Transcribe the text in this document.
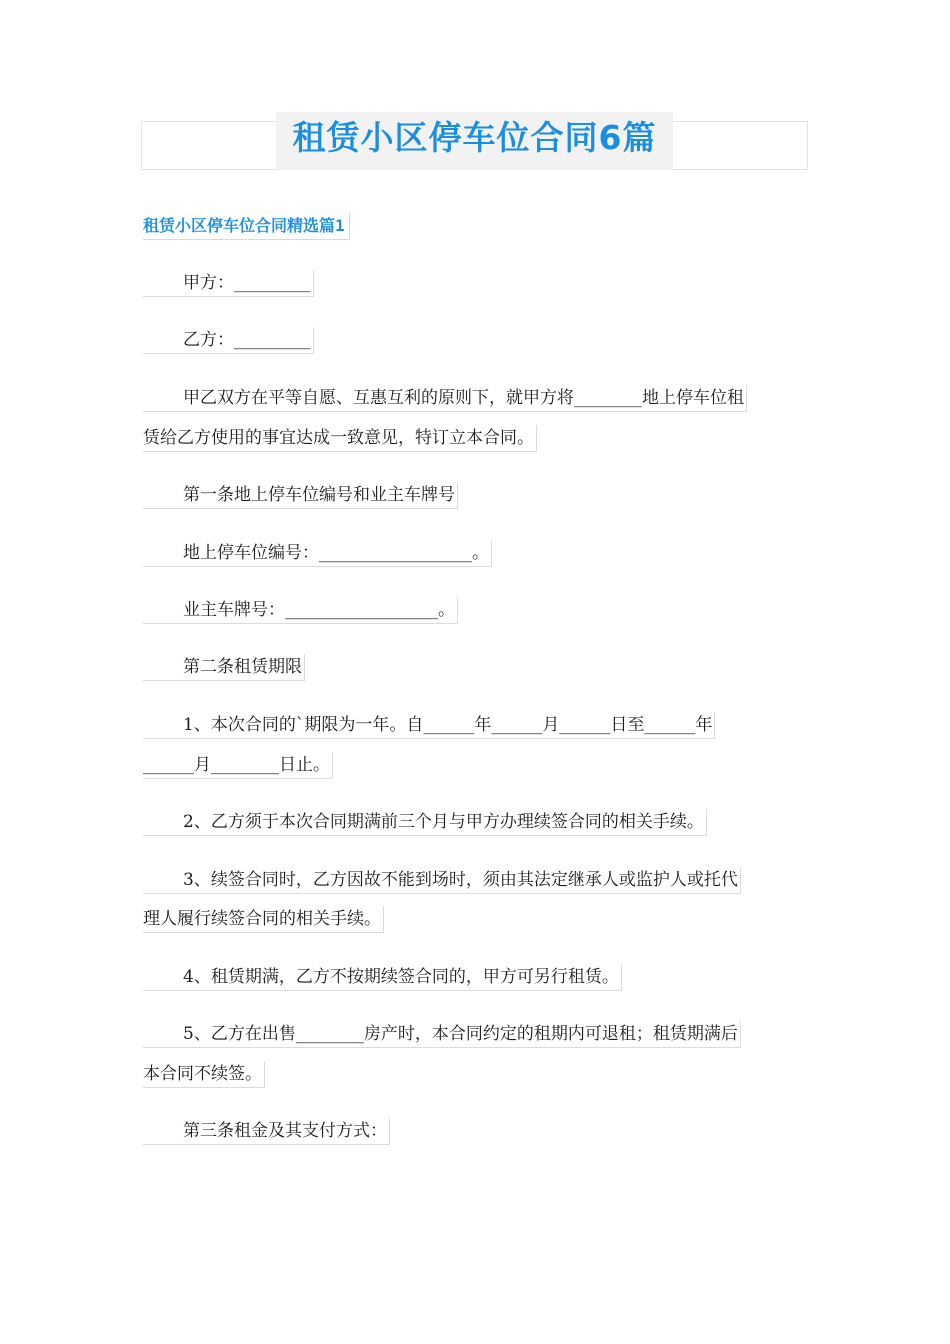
租赁小区停车位合同6篇
租赁小区停车位合同精选篇1
甲方：_________
乙方：_________
甲乙双方在平等自愿、互惠互利的原则下，就甲方将________地上停车位租
赁给乙方使用的事宜达成一致意见，特订立本合同。
第一条地上停车位编号和业主车牌号
地上停车位编号：__________________。
业主车牌号：__________________。
第二条租赁期限
1、本次合同的`期限为一年。自______年______月______日至______年
______月________日止。
2、乙方须于本次合同期满前三个月与甲方办理续签合同的相关手续。
3、续签合同时，乙方因故不能到场时，须由其法定继承人或监护人或托代
理人履行续签合同的相关手续。
4、租赁期满，乙方不按期续签合同的，甲方可另行租赁。
5、乙方在出售________房产时，本合同约定的租期内可退租；租赁期满后
本合同不续签。
第三条租金及其支付方式：
